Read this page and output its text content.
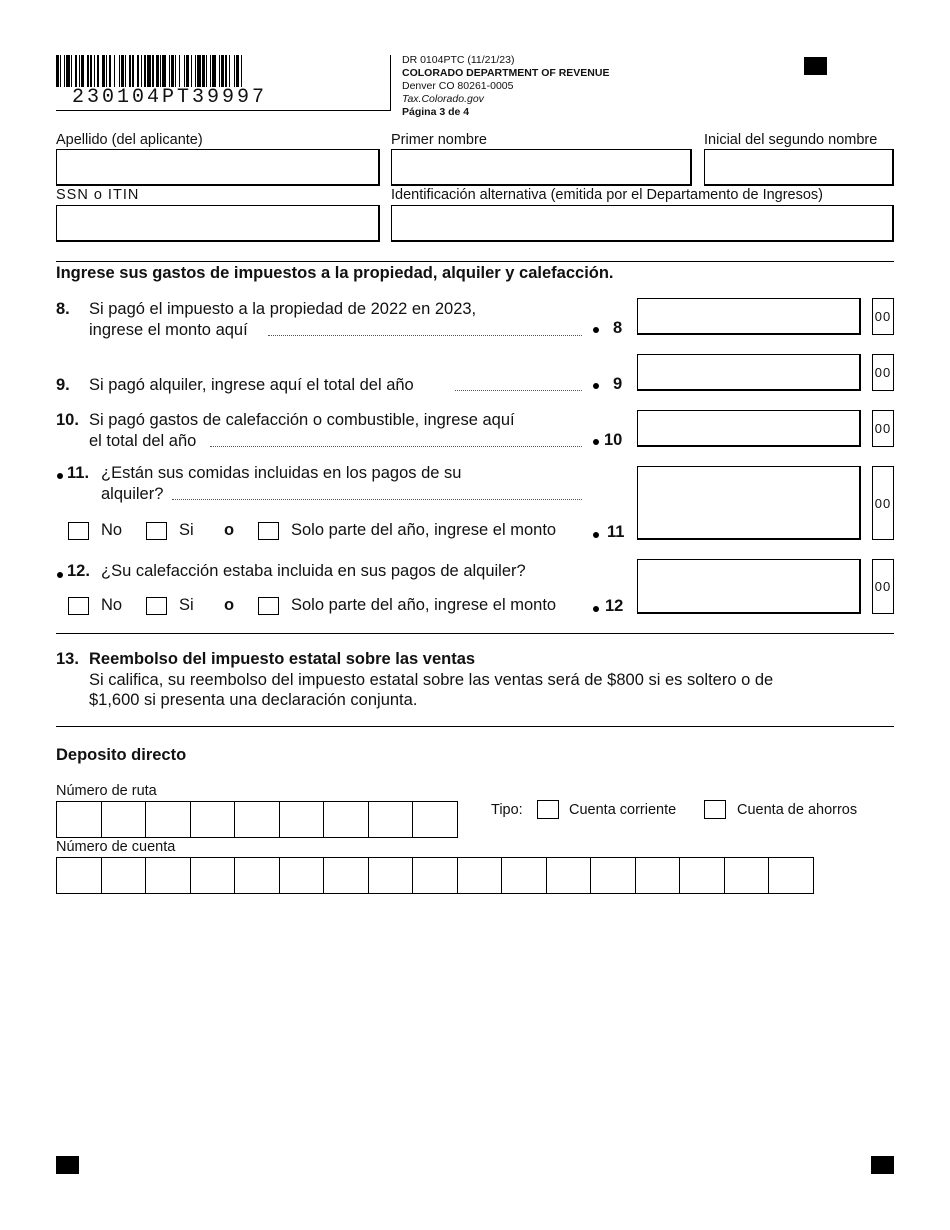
230104PT39997
DR 0104PTC (11/21/23)
COLORADO DEPARTMENT OF REVENUE
Denver CO 80261-0005
Tax.Colorado.gov
Página 3 de 4
Apellido (del aplicante)	Primer nombre	Inicial del segundo nombre
SSN o ITIN	Identificación alternativa (emitida por el Departamento de Ingresos)
Ingrese sus gastos de impuestos a la propiedad, alquiler y calefacción.
8. Si pagó el impuesto a la propiedad de 2022 en 2023,
ingrese el monto aquí	8
00
9. Si pagó alquiler, ingrese aquí el total del año	9
00
10. Si pagó gastos de calefacción o combustible, ingrese aquí
el total del año	10
00
11. ¿Están sus comidas incluidas en los pagos de su
alquiler?
No	Si o	Solo parte del año, ingrese el monto	11
00
12. ¿Su calefacción estaba incluida en sus pagos de alquiler?
No	Si o	Solo parte del año, ingrese el monto	12
00
13. Reembolso del impuesto estatal sobre las ventas
Si califica, su reembolso del impuesto estatal sobre las ventas será de $800 si es soltero o de
$1,600 si presenta una declaración conjunta.
Deposito directo
Número de ruta
Tipo:	Cuenta corriente	Cuenta de ahorros
Número de cuenta
